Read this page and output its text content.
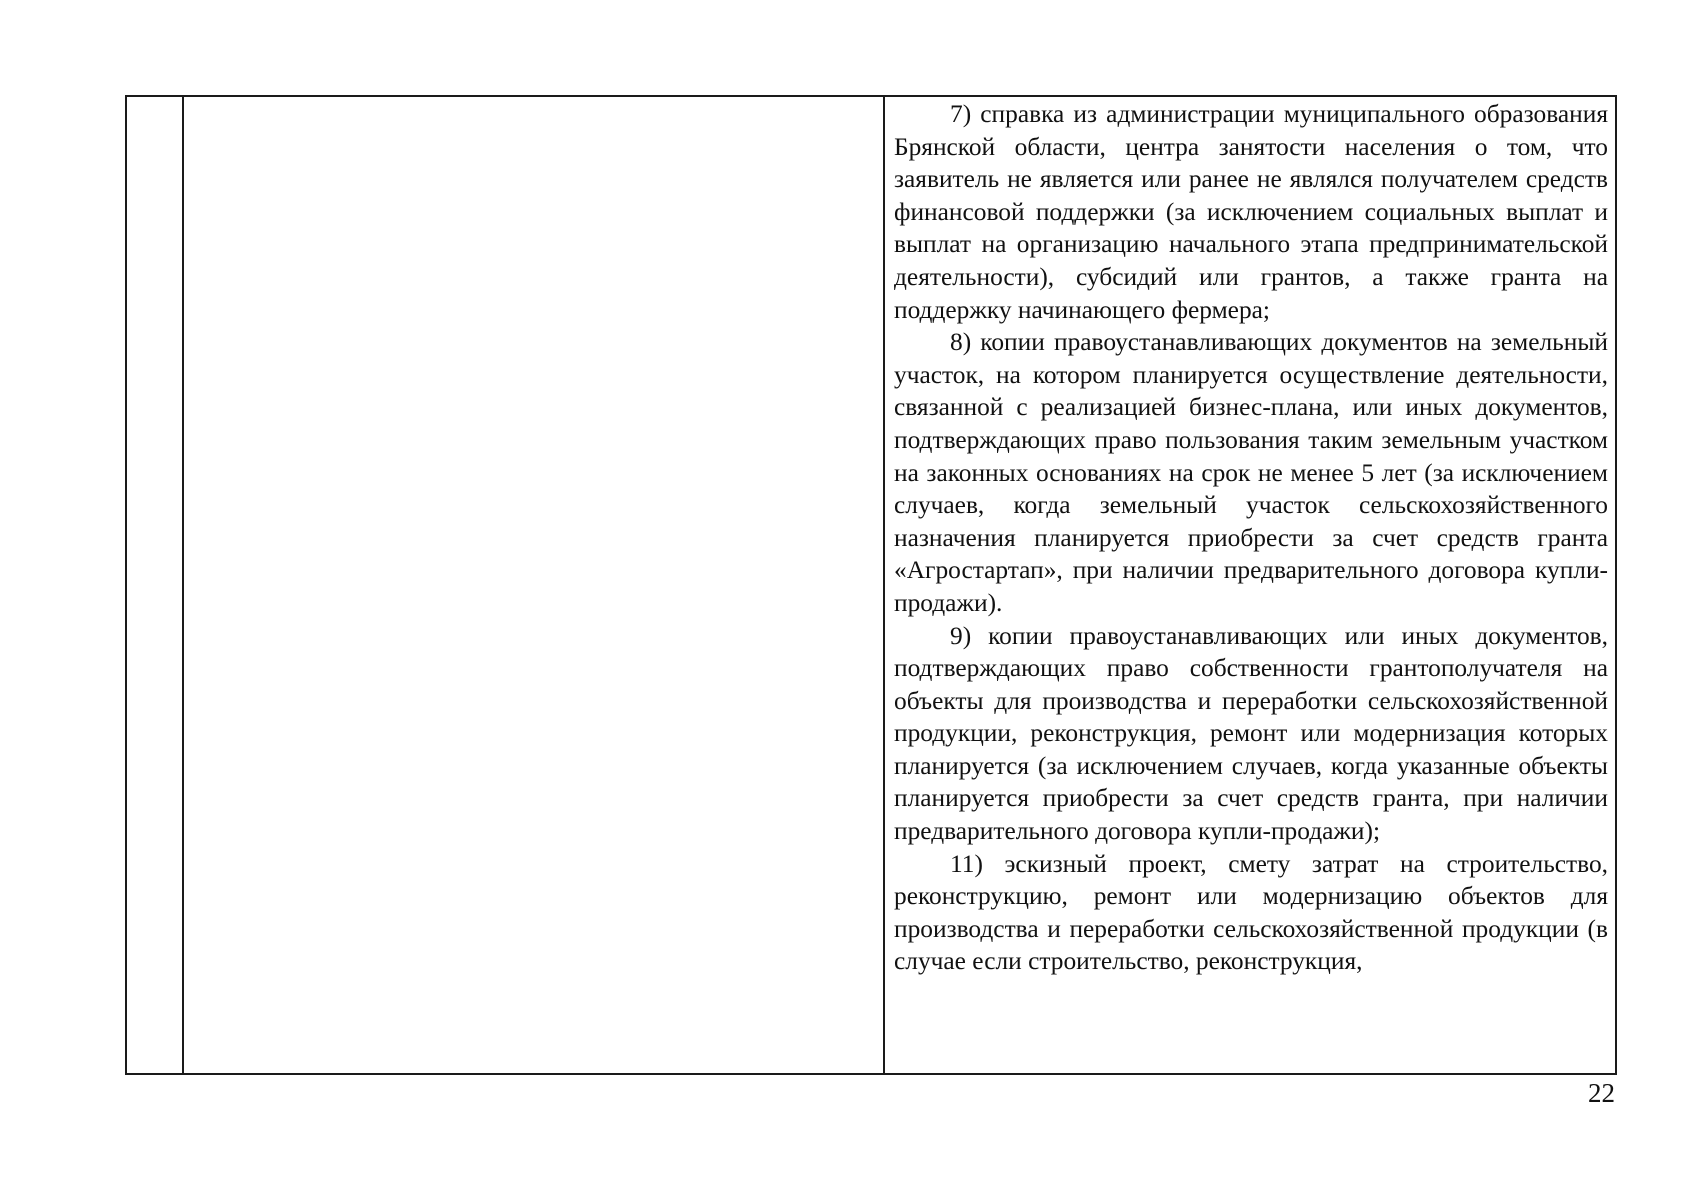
7) справка из администрации муниципального образования Брянской области, центра занятости населения о том, что заявитель не является или ранее не являлся получателем средств финансовой поддержки (за исключением социальных выплат и выплат на организацию начального этапа предпринимательской деятельности), субсидий или грантов, а также гранта на поддержку начинающего фермера;

8) копии правоустанавливающих документов на земельный участок, на котором планируется осуществление деятельности, связанной с реализацией бизнес-плана, или иных документов, подтверждающих право пользования таким земельным участком на законных основаниях на срок не менее 5 лет (за исключением случаев, когда земельный участок сельскохозяйственного назначения планируется приобрести за счет средств гранта «Агростартап», при наличии предварительного договора купли-продажи).

9) копии правоустанавливающих или иных документов, подтверждающих право собственности грантополучателя на объекты для производства и переработки сельскохозяйственной продукции, реконструкция, ремонт или модернизация которых планируется (за исключением случаев, когда указанные объекты планируется приобрести за счет средств гранта, при наличии предварительного договора купли-продажи);

11) эскизный проект, смету затрат на строительство, реконструкцию, ремонт или модернизацию объектов для производства и переработки сельскохозяйственной продукции (в случае если строительство, реконструкция,

22
